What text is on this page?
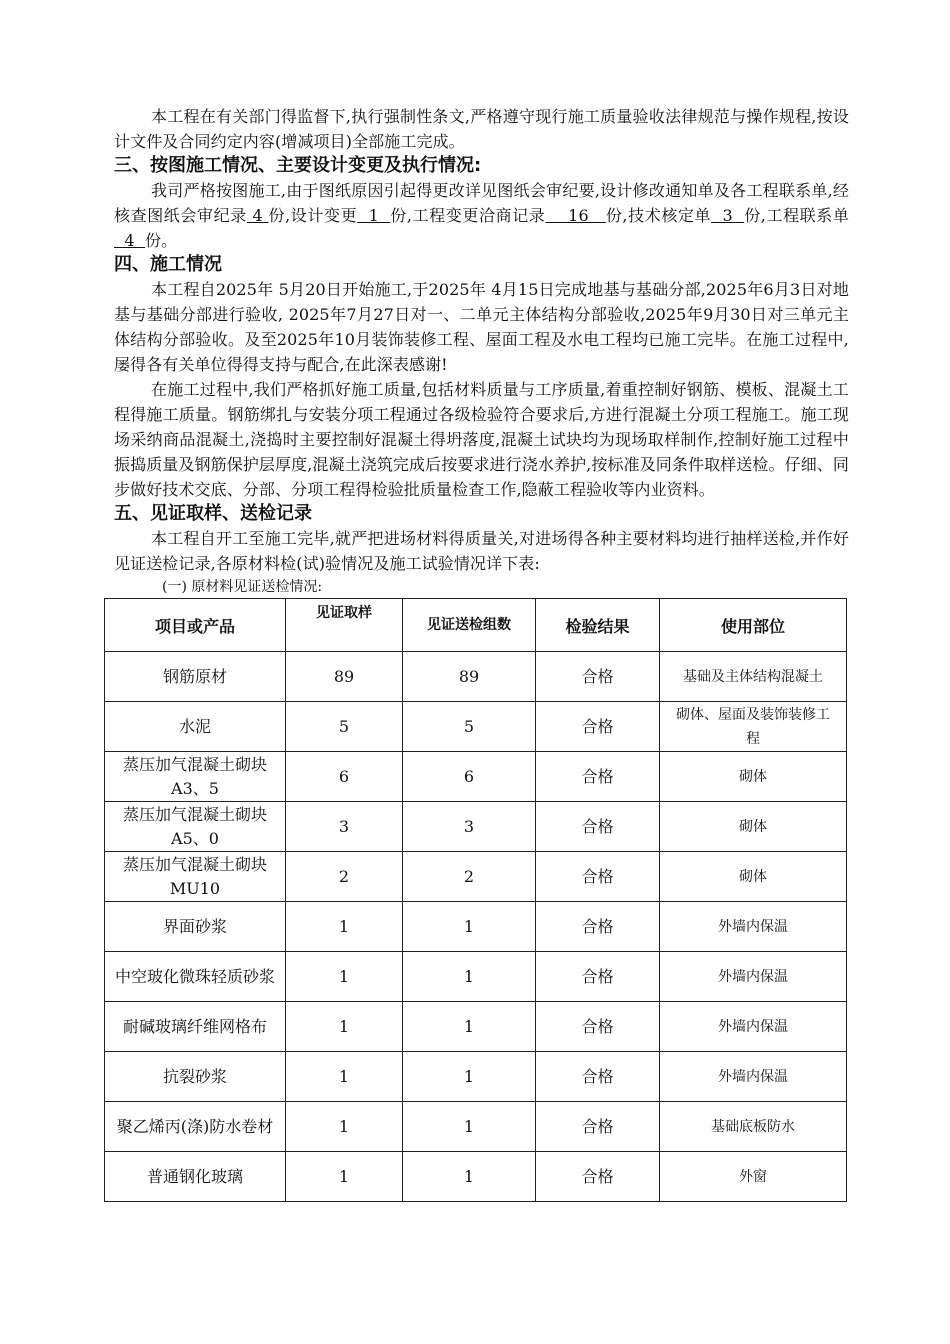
本工程在有关部门得监督下,执行强制性条文,严格遵守现行施工质量验收法律规范与操作规程,按设计文件及合同约定内容(增减项目)全部施工完成。

三、按图施工情况、主要设计变更及执行情况:

我司严格按图施工,由于图纸原因引起得更改详见图纸会审纪要,设计修改通知单及各工程联系单,经核查图纸会审纪录 4 份,设计变更  1  份,工程变更洽商记录    16   份,技术核定单  3  份,工程联系单  4  份。

四、施工情况

本工程自2025年 5月20日开始施工,于2025年 4月15日完成地基与基础分部,2025年6月3日对地基与基础分部进行验收, 2025年7月27日对一、二单元主体结构分部验收,2025年9月30日对三单元主体结构分部验收。及至2025年10月装饰装修工程、屋面工程及水电工程均已施工完毕。在施工过程中,屡得各有关单位得得支持与配合,在此深表感谢!

在施工过程中,我们严格抓好施工质量,包括材料质量与工序质量,着重控制好钢筋、模板、混凝土工程得施工质量。钢筋绑扎与安装分项工程通过各级检验符合要求后,方进行混凝土分项工程施工。施工现场采纳商品混凝土,浇捣时主要控制好混凝土得坍落度,混凝土试块均为现场取样制作,控制好施工过程中振捣质量及钢筋保护层厚度,混凝土浇筑完成后按要求进行浇水养护,按标准及同条件取样送检。仔细、同步做好技术交底、分部、分项工程得检验批质量检查工作,隐蔽工程验收等内业资料。

五、见证取样、送检记录

本工程自开工至施工完毕,就严把进场材料得质量关,对进场得各种主要材料均进行抽样送检,并作好见证送检记录,各原材料检(试)验情况及施工试验情况详下表:

(一) 原材料见证送检情况:

项目或产品	见证取样	见证送检组数	检验结果	使用部位
钢筋原材	89	89	合格	基础及主体结构混凝土
水泥	5	5	合格	砌体、屋面及装饰装修工程
蒸压加气混凝土砌块A3、5	6	6	合格	砌体
蒸压加气混凝土砌块A5、0	3	3	合格	砌体
蒸压加气混凝土砌块MU10	2	2	合格	砌体
界面砂浆	1	1	合格	外墙内保温
中空玻化微珠轻质砂浆	1	1	合格	外墙内保温
耐碱玻璃纤维网格布	1	1	合格	外墙内保温
抗裂砂浆	1	1	合格	外墙内保温
聚乙烯丙(涤)防水卷材	1	1	合格	基础底板防水
普通钢化玻璃	1	1	合格	外窗
